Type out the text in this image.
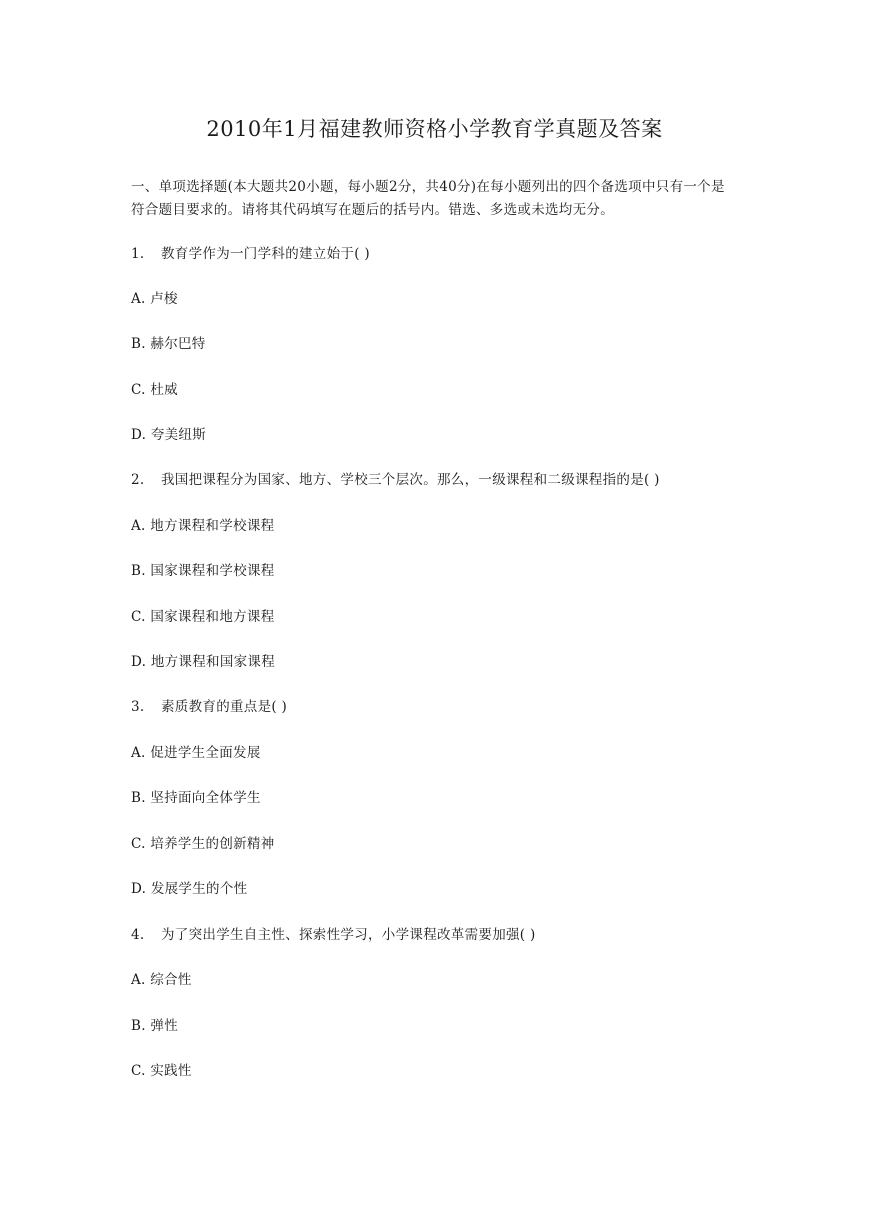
2010年1月福建教师资格小学教育学真题及答案
一、单项选择题(本大题共20小题，每小题2分，共40分)在每小题列出的四个备选项中只有一个是符合题目要求的。请将其代码填写在题后的括号内。错选、多选或未选均无分。
1. 教育学作为一门学科的建立始于( )
A. 卢梭
B. 赫尔巴特
C. 杜威
D. 夸美纽斯
2. 我国把课程分为国家、地方、学校三个层次。那么，一级课程和二级课程指的是( )
A. 地方课程和学校课程
B. 国家课程和学校课程
C. 国家课程和地方课程
D. 地方课程和国家课程
3. 素质教育的重点是( )
A. 促进学生全面发展
B. 坚持面向全体学生
C. 培养学生的创新精神
D. 发展学生的个性
4. 为了突出学生自主性、探索性学习，小学课程改革需要加强( )
A. 综合性
B. 弹性
C. 实践性
